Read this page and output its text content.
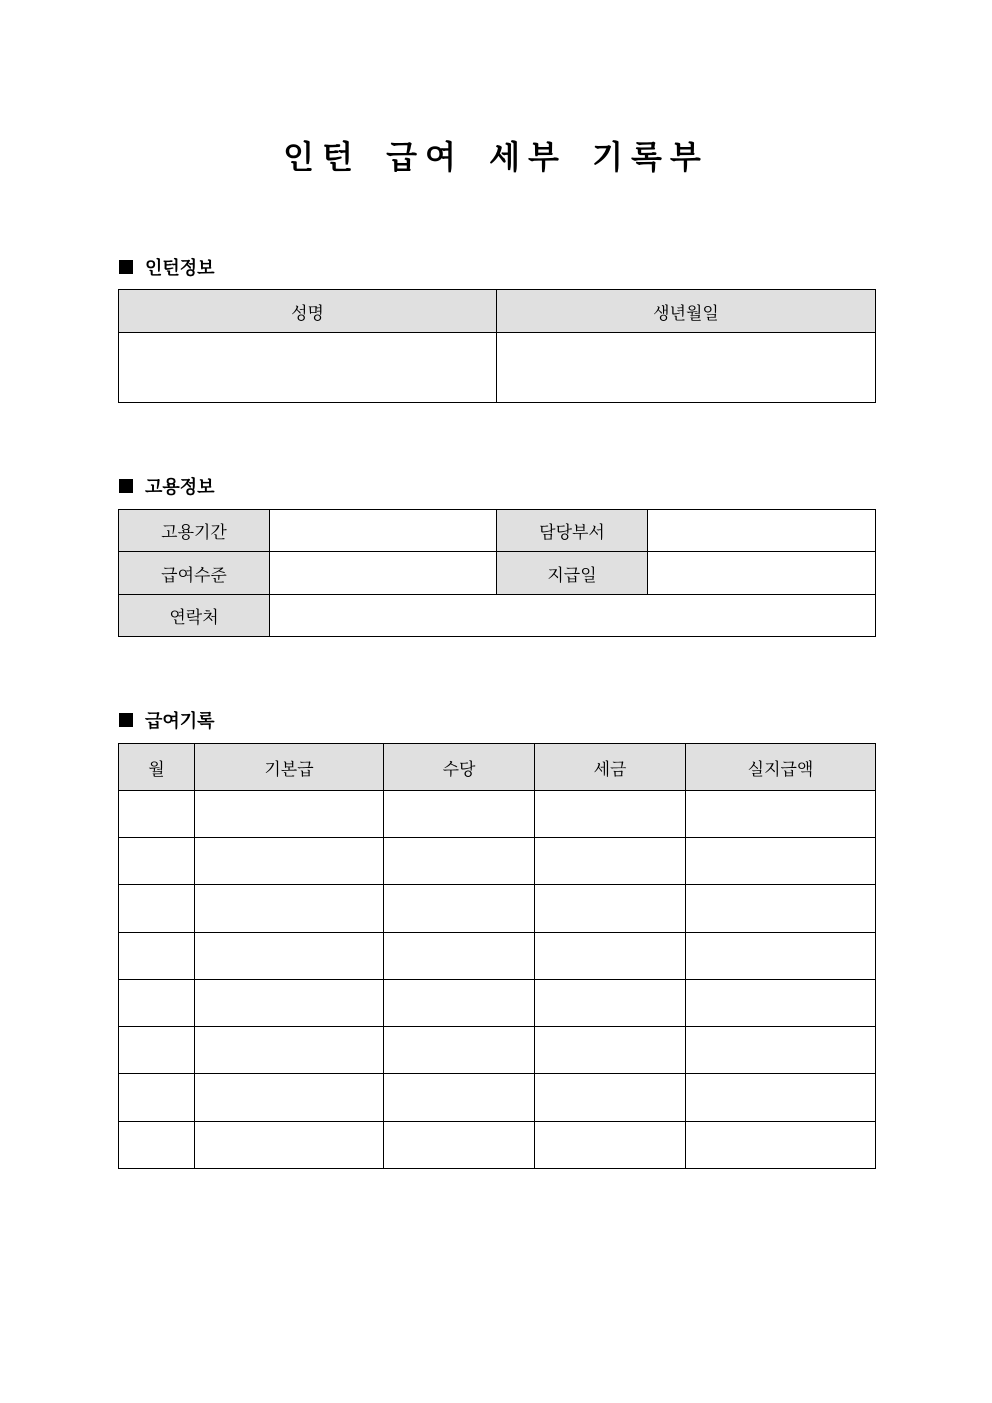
인턴 급여 세부 기록부
인턴정보
성명	생년월일

고용정보
고용기간		담당부서	
급여수준		지급일	
연락처			
급여기록
월	기본급	수당	세금	실지급액
